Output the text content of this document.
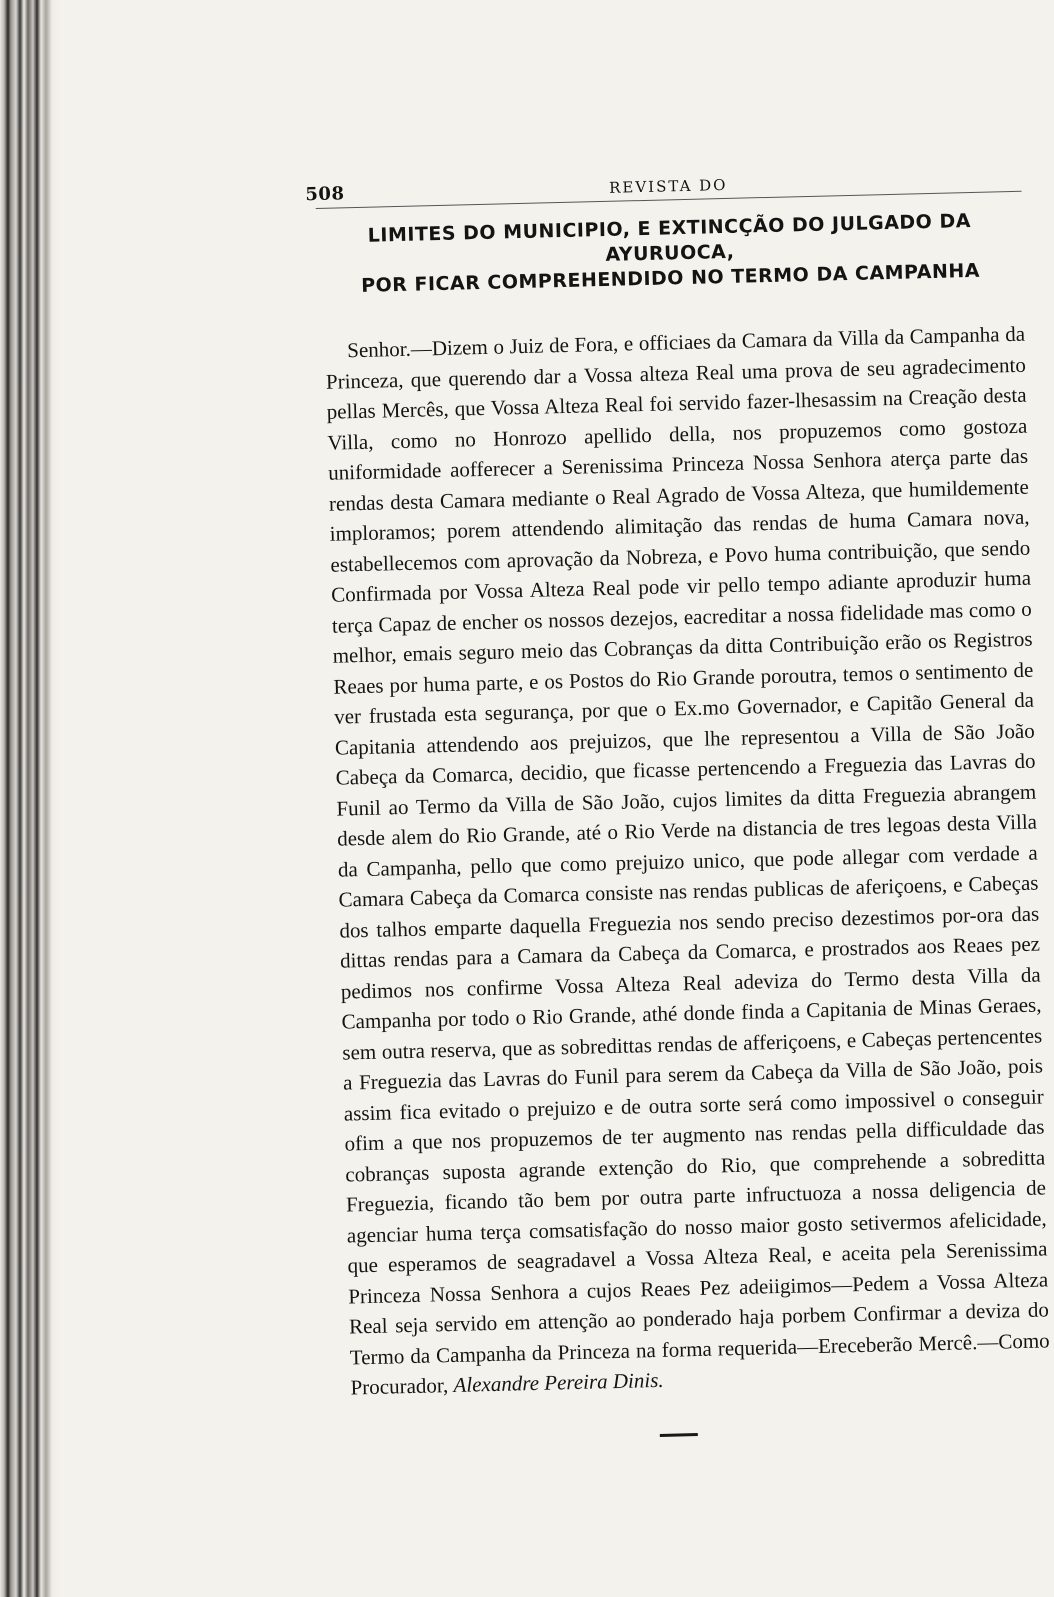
508	REVISTA DO
LIMITES DO MUNICIPIO, E EXTINCÇÃO DO JULGADO DA AYURUOCA,
POR FICAR COMPREHENDIDO NO TERMO DA CAMPANHA

Senhor.—Dizem o Juiz de Fora, e officiaes da Camara da Villa da Campanha da Princeza, que querendo dar a Vossa alteza Real uma prova de seu agradecimento pellas Mercês, que Vossa Alteza Real foi servido fazer-lhesassim na Creação desta Villa, como no Honrozo apellido della, nos propuzemos como gostoza uniformidade aofferecer a Serenissima Princeza Nossa Senhora aterça parte das rendas desta Camara mediante o Real Agrado de Vossa Alteza, que humildemente imploramos; porem attendendo alimitação das rendas de huma Camara nova, estabellecemos com aprovação da Nobreza, e Povo huma contribuição, que sendo Confirmada por Vossa Alteza Real pode vir pello tempo adiante aproduzir huma terça Capaz de encher os nossos dezejos, eacreditar a nossa fidelidade mas como o melhor, emais seguro meio das Cobranças da ditta Contribuição erão os Registros Reaes por huma parte, e os Postos do Rio Grande poroutra, temos o sentimento de ver frustada esta segurança, por que o Ex.mo Governador, e Capitão General da Capitania attendendo aos prejuizos, que lhe representou a Villa de São João Cabeça da Comarca, decidio, que ficasse pertencendo a Freguezia das Lavras do Funil ao Termo da Villa de São João, cujos limites da ditta Freguezia abrangem desde alem do Rio Grande, até o Rio Verde na distancia de tres legoas desta Villa da Campanha, pello que como prejuizo unico, que pode allegar com verdade a Camara Cabeça da Comarca consiste nas rendas publicas de aferiçoens, e Cabeças dos talhos emparte daquella Freguezia nos sendo preciso dezestimos por-ora das dittas rendas para a Camara da Cabeça da Comarca, e prostrados aos Reaes pez pedimos nos confirme Vossa Alteza Real adeviza do Termo desta Villa da Campanha por todo o Rio Grande, athé donde finda a Capitania de Minas Geraes, sem outra reserva, que as sobredittas rendas de afferiçoens, e Cabeças pertencentes a Freguezia das Lavras do Funil para serem da Cabeça da Villa de São João, pois assim fica evitado o prejuizo e de outra sorte será como impossivel o conseguir ofim a que nos propuzemos de ter augmento nas rendas pella difficuldade das cobranças suposta agrande extenção do Rio, que comprehende a sobreditta Freguezia, ficando tão bem por outra parte infructuoza a nossa deligencia de agenciar huma terça comsatisfação do nosso maior gosto setivermos afelicidade, que esperamos de seagradavel a Vossa Alteza Real, e aceita pela Serenissima Princeza Nossa Senhora a cujos Reaes Pez adeiigimos—Pedem a Vossa Alteza Real seja servido em attenção ao ponderado haja porbem Confirmar a deviza do Termo da Campanha da Princeza na forma requerida—Ereceberão Mercê.—Como Procurador, Alexandre Pereira Dinis.
